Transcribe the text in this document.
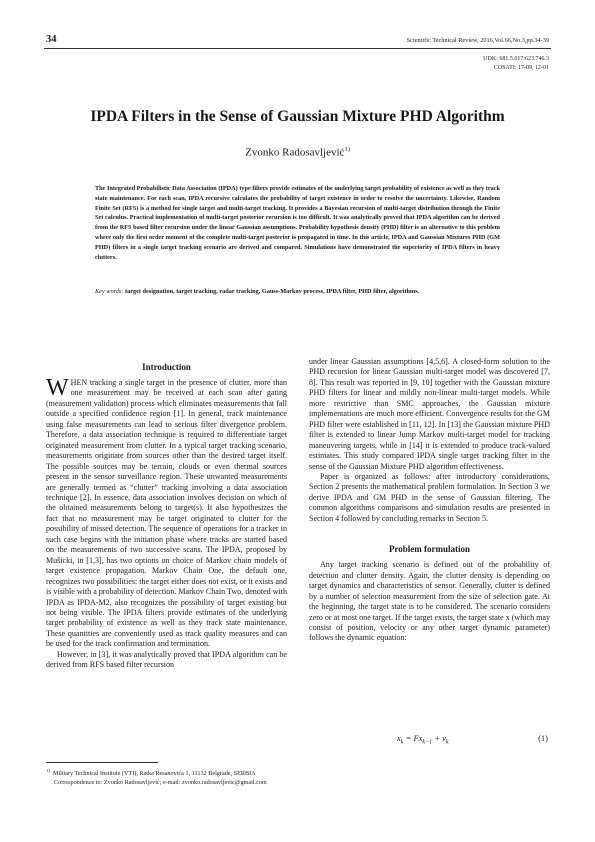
34	Scientific Technical Review, 2016,Vol.66,No.3,pp.34-39
UDK: 681.5.017:623.746.3
COSATI: 17-09, 12-01
IPDA Filters in the Sense of Gaussian Mixture PHD Algorithm
Zvonko Radosavljević$^{1)}$
The Integrated Probabilistic Data Association (IPDA) type filters provide estimates of the underlying target probability of existence as well as they track state maintenance. For each scan, IPDA recursive calculates the probability of target existence in order to resolve the uncertainty. Likewise, Random Finite Set (RFS) is a method for single target and multi-target tracking. It provides a Bayesian recursion of multi-target distribution through the Finite Set calculus. Practical implementation of multi-target posterior recursion is too difficult. It was analytically proved that IPDA algorithm can be derived from the RFS based filter recursion under the linear Gaussian assumptions. Probability hypothesis density (PHD) filter is an alternative to this problem where only the first order moment of the complete multi-target posterior is propagated in time. In this article, IPDA and Gaussian Mixtures PHD (GM PHD) filters in a single target tracking scenario are derived and compared. Simulations have demonstrated the superiority of IPDA filters in heavy clutters.
Key words: target designation, target tracking, radar tracking, Gauss-Markov process, IPDA filter, PHD filter, algorithms.
Introduction

WHEN tracking a single target in the presence of clutter, more than one measurement may be received at each scan after gating (measurement validation) process which eliminates measurements that fall outside a specified confidence region [1]. In general, track maintenance using false measurements can lead to serious filter divergence problem. Therefore, a data association technique is required to differentiate target originated measurement from clutter. In a typical target tracking scenario, measurements originate from sources other than the desired target itself. The possible sources may be terrain, clouds or even thermal sources present in the sensor surveillance region. These unwanted measurements are generally termed as “clutter” tracking involving a data association technique [2]. In essence, data association involves decision on which of the obtained measurements belong to target(s). It also hypothesizes the fact that no measurement may be target originated to clutter for the possibility of missed detection. The sequence of operations for a tracker in such case begins with the initiation phase where tracks are started based on the measurements of two successive scans. The IPDA, proposed by Mušicki, in [1,3], has two options on choice of Markov chain models of target existence propagation. Markov Chain One, the default one, recognizes two possibilities: the target either does not exist, or it exists and is visible with a probability of detection. Markov Chain Two, denoted with IPDA as IPDA-M2, also recognizes the possibility of target existing but not being visible. The IPDA filters provide estimates of the underlying target probability of existence as well as they track state maintenance. These quantities are conveniently used as track quality measures and can be used for the track confirmation and termination.

However, in [3], it was analytically proved that IPDA algorithm can be derived from RFS based filter recursion

under linear Gaussian assumptions [4,5,6]. A closed-form solution to the PHD recursion for linear Gaussian multi-target model was discovered [7, 8]. This result was reported in [9, 10] together with the Gaussian mixture PHD filters for linear and mildly non-linear multi-target models. While more restrictive than SMC approaches, the Gaussian mixture implementations are much more efficient. Convergence results for the GM PHD filter were established in [11, 12]. In [13] the Gaussian mixture PHD filter is extended to linear Jump Markov multi-target model for tracking maneuvering targets, while in [14] it is extended to produce track-valued estimates. This study compared IPDA single target tracking filter in the sense of the Gaussian Mixture PHD algorithm effectiveness.

Paper is organized as follows: after introductory considerations, Section 2 presents the mathematical problem formulation. In Section 3 we derive IPDA and GM PHD in the sense of Gaussian filtering. The common algorithms comparisons and simulation results are presented in Section 4 followed by concluding remarks in Section 5.

Problem formulation

Any target tracking scenario is defined out of the probability of detection and clutter density. Again, the clutter density is depending on target dynamics and characteristics of sensor. Generally, clutter is defined by a number of selection measurement from the size of selection gate. At the beginning, the target state is to be considered. The scenario considers zero or at most one target. If the target exists, the target state x (which may consist of position, velocity or any other target dynamic parameter) follows the dynamic equation:

$x_k = Fx_{k-1} + v_k$	(1)
$^{1)}$ Military Technical Institute (VTI), Ratka Resanovića 1, 11132 Belgrade, SERBIA
Correspondence to: Zvonko Radosavljević; e-mail: zvonko.radosavljevic@gmail.com
